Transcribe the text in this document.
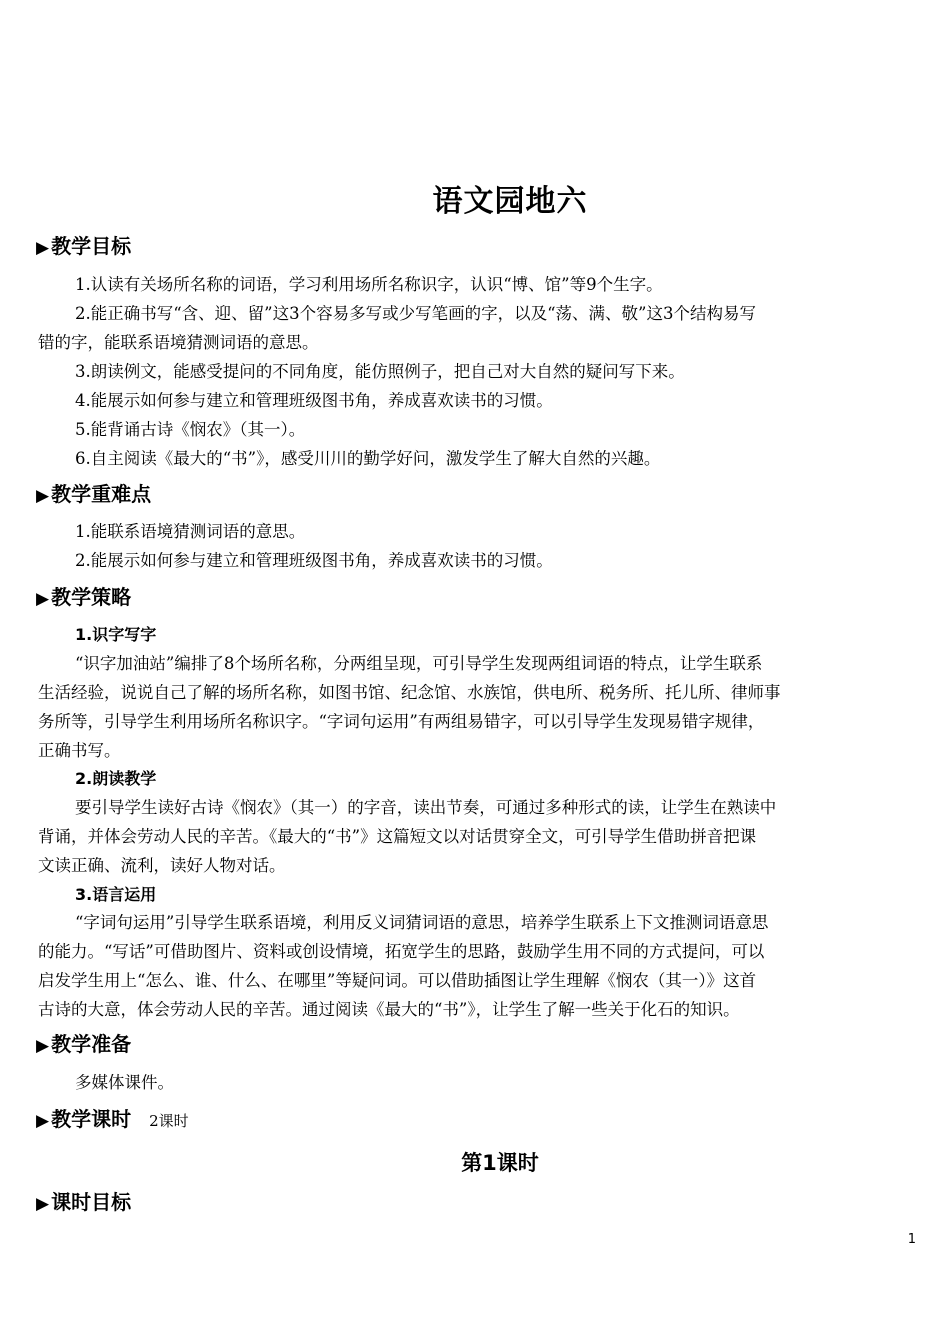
语文园地六
▶ 教学目标
1.认读有关场所名称的词语，学习利用场所名称识字，认识“博、馆”等9个生字。
2.能正确书写“含、迎、留”这3个容易多写或少写笔画的字，以及“荡、满、敬”这3个结构易写
错的字，能联系语境猜测词语的意思。
3.朗读例文，能感受提问的不同角度，能仿照例子，把自己对大自然的疑问写下来。
4.能展示如何参与建立和管理班级图书角，养成喜欢读书的习惯。
5.能背诵古诗《悯农》（其一）。
6.自主阅读《最大的“书”》，感受川川的勤学好问，激发学生了解大自然的兴趣。
▶ 教学重难点
1.能联系语境猜测词语的意思。
2.能展示如何参与建立和管理班级图书角，养成喜欢读书的习惯。
▶ 教学策略
1.识字写字
“识字加油站”编排了8个场所名称，分两组呈现，可引导学生发现两组词语的特点，让学生联系
生活经验，说说自己了解的场所名称，如图书馆、纪念馆、水族馆，供电所、税务所、托儿所、律师事
务所等，引导学生利用场所名称识字。“字词句运用”有两组易错字，可以引导学生发现易错字规律，
正确书写。
2.朗读教学
要引导学生读好古诗《悯农》（其一）的字音，读出节奏，可通过多种形式的读，让学生在熟读中
背诵，并体会劳动人民的辛苦。《最大的“书”》这篇短文以对话贯穿全文，可引导学生借助拼音把课
文读正确、流利，读好人物对话。
3.语言运用
“字词句运用”引导学生联系语境，利用反义词猜词语的意思，培养学生联系上下文推测词语意思
的能力。“写话”可借助图片、资料或创设情境，拓宽学生的思路，鼓励学生用不同的方式提问，可以
启发学生用上“怎么、谁、什么、在哪里”等疑问词。可以借助插图让学生理解《悯农（其一）》这首
古诗的大意，体会劳动人民的辛苦。通过阅读《最大的“书”》，让学生了解一些关于化石的知识。
▶ 教学准备
多媒体课件。
▶ 教学课时 2课时
第1课时
▶ 课时目标
1
